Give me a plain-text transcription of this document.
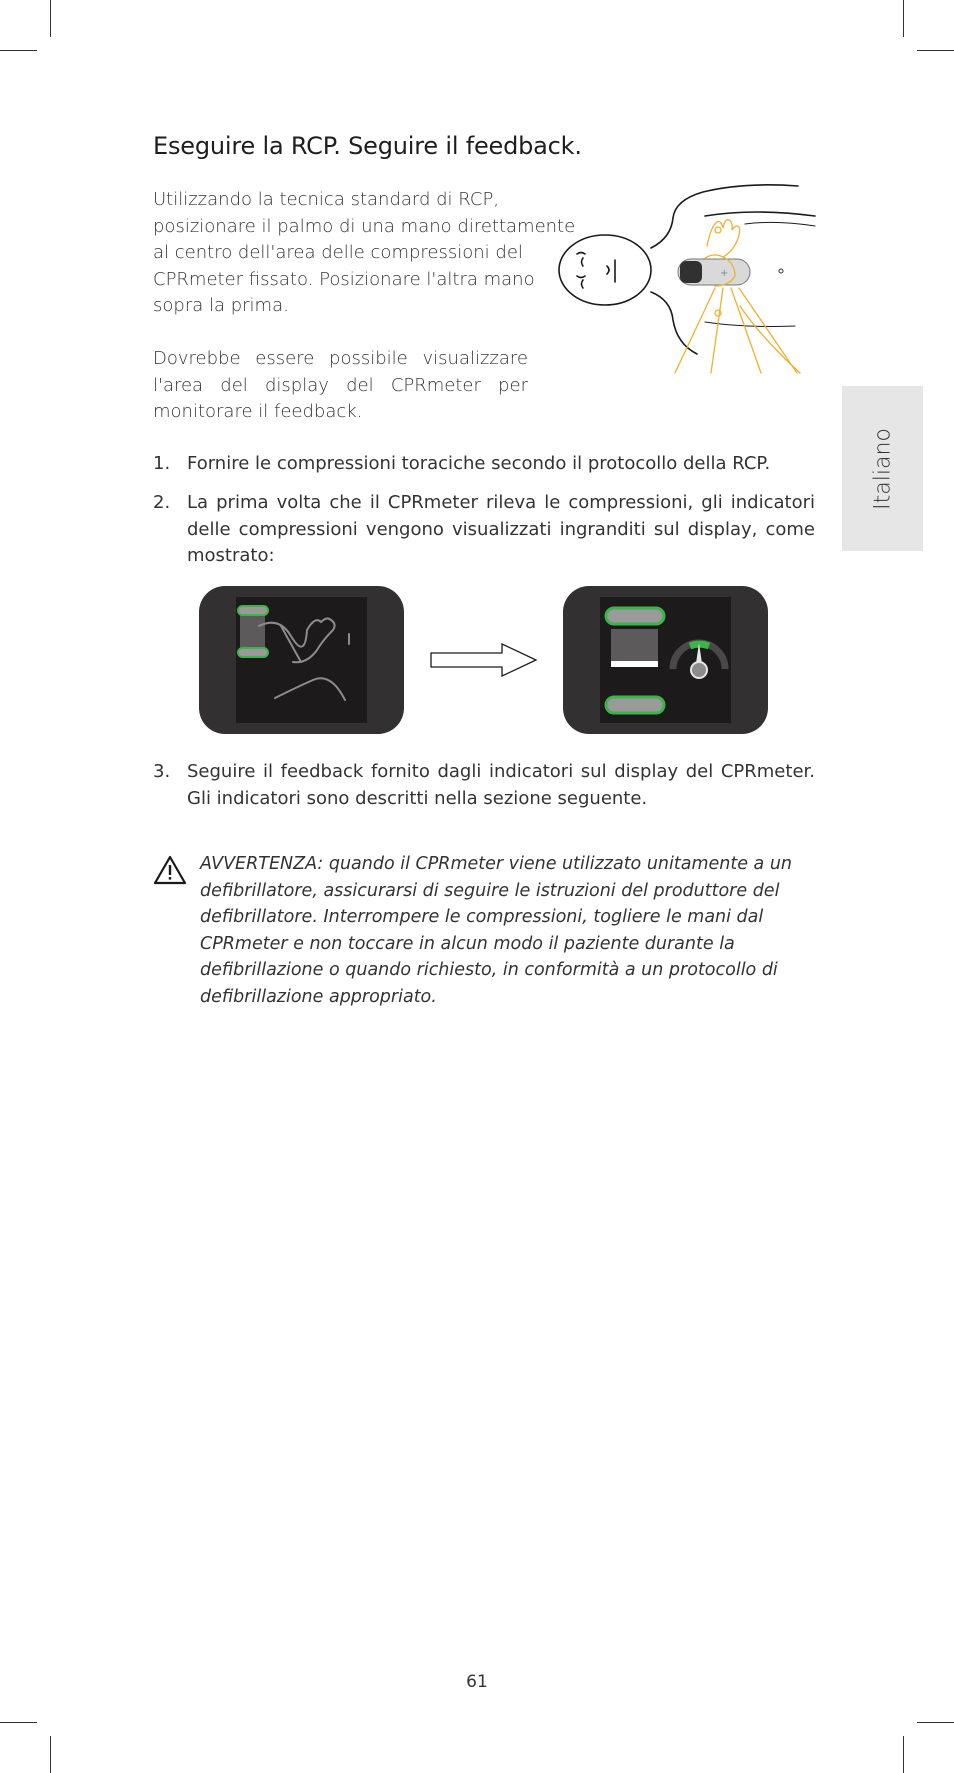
Eseguire la RCP. Seguire il feedback.

Utilizzando la tecnica standard di RCP, posizionare il palmo di una mano direttamente al centro dell'area delle compressioni del CPRmeter fissato. Posizionare l'altra mano sopra la prima.

Dovrebbe essere possibile visualizzare l'area del display del CPRmeter per monitorare il feedback.

+
1. Fornire le compressioni toraciche secondo il protocollo della RCP.
2. La prima volta che il CPRmeter rileva le compressioni, gli indicatori delle compressioni vengono visualizzati ingranditi sul display, come mostrato:
3. Seguire il feedback fornito dagli indicatori sul display del CPRmeter. Gli indicatori sono descritti nella sezione seguente.
AVVERTENZA: quando il CPRmeter viene utilizzato unitamente a un defibrillatore, assicurarsi di seguire le istruzioni del produttore del defibrillatore. Interrompere le compressioni, togliere le mani dal CPRmeter e non toccare in alcun modo il paziente durante la defibrillazione o quando richiesto, in conformità a un protocollo di defibrillazione appropriato.
Italiano
61
